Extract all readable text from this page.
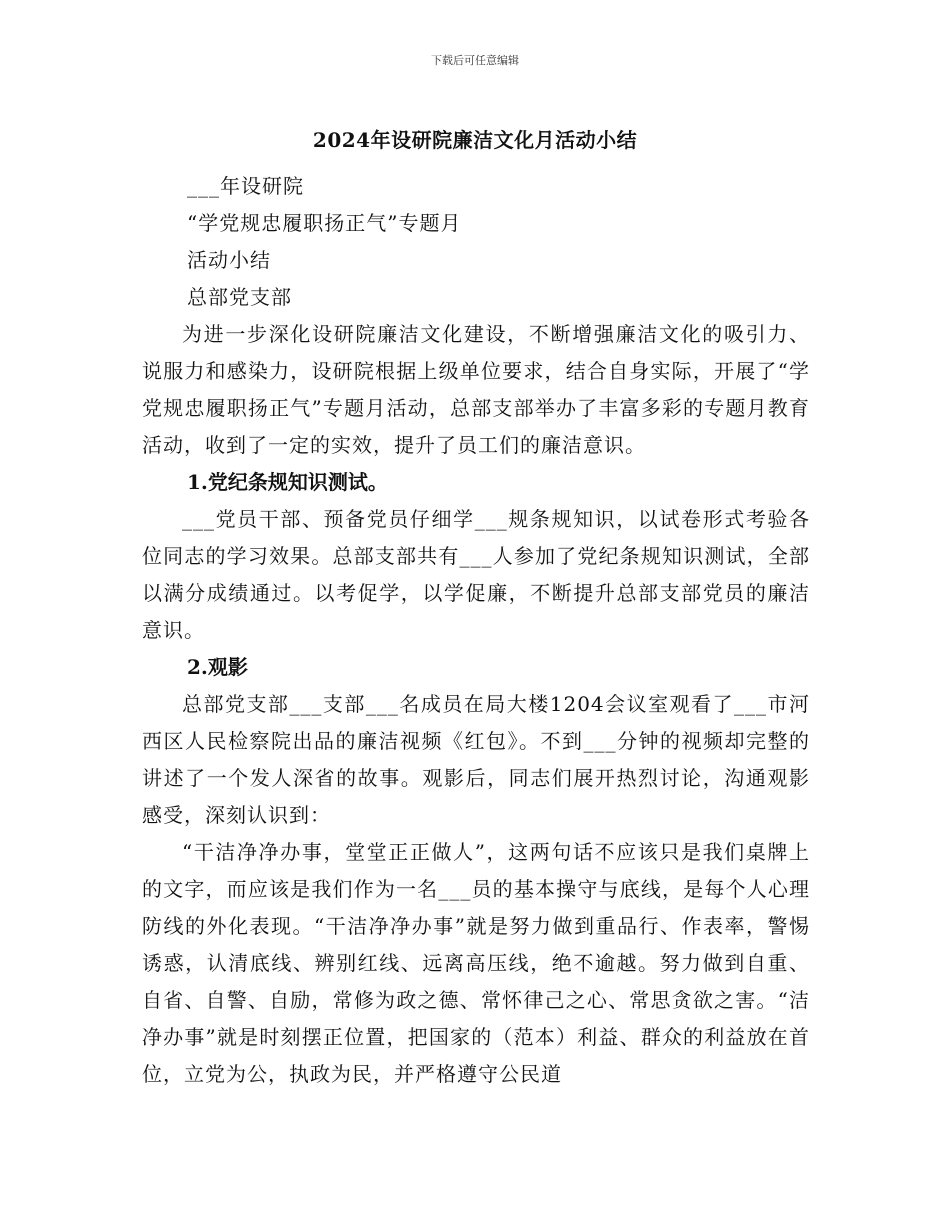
下载后可任意编辑
2024年设研院廉洁文化月活动小结

___年设研院

“学党规忠履职扬正气”专题月

活动小结

总部党支部

为进一步深化设研院廉洁文化建设，不断增强廉洁文化的吸引力、说服力和感染力，设研院根据上级单位要求，结合自身实际，开展了“学党规忠履职扬正气”专题月活动，总部支部举办了丰富多彩的专题月教育活动，收到了一定的实效，提升了员工们的廉洁意识。

1.党纪条规知识测试。

___党员干部、预备党员仔细学___规条规知识，以试卷形式考验各位同志的学习效果。总部支部共有___人参加了党纪条规知识测试，全部以满分成绩通过。以考促学，以学促廉，不断提升总部支部党员的廉洁意识。

2.观影

总部党支部___支部___名成员在局大楼1204会议室观看了___市河西区人民检察院出品的廉洁视频《红包》。不到___分钟的视频却完整的讲述了一个发人深省的故事。观影后，同志们展开热烈讨论，沟通观影感受，深刻认识到：

“干洁净净办事，堂堂正正做人”，这两句话不应该只是我们桌牌上的文字，而应该是我们作为一名___员的基本操守与底线，是每个人心理防线的外化表现。“干洁净净办事”就是努力做到重品行、作表率，警惕诱惑，认清底线、辨别红线、远离高压线，绝不逾越。努力做到自重、自省、自警、自励，常修为政之德、常怀律己之心、常思贪欲之害。“洁净办事”就是时刻摆正位置，把国家的（范本）利益、群众的利益放在首位，立党为公，执政为民，并严格遵守公民道
